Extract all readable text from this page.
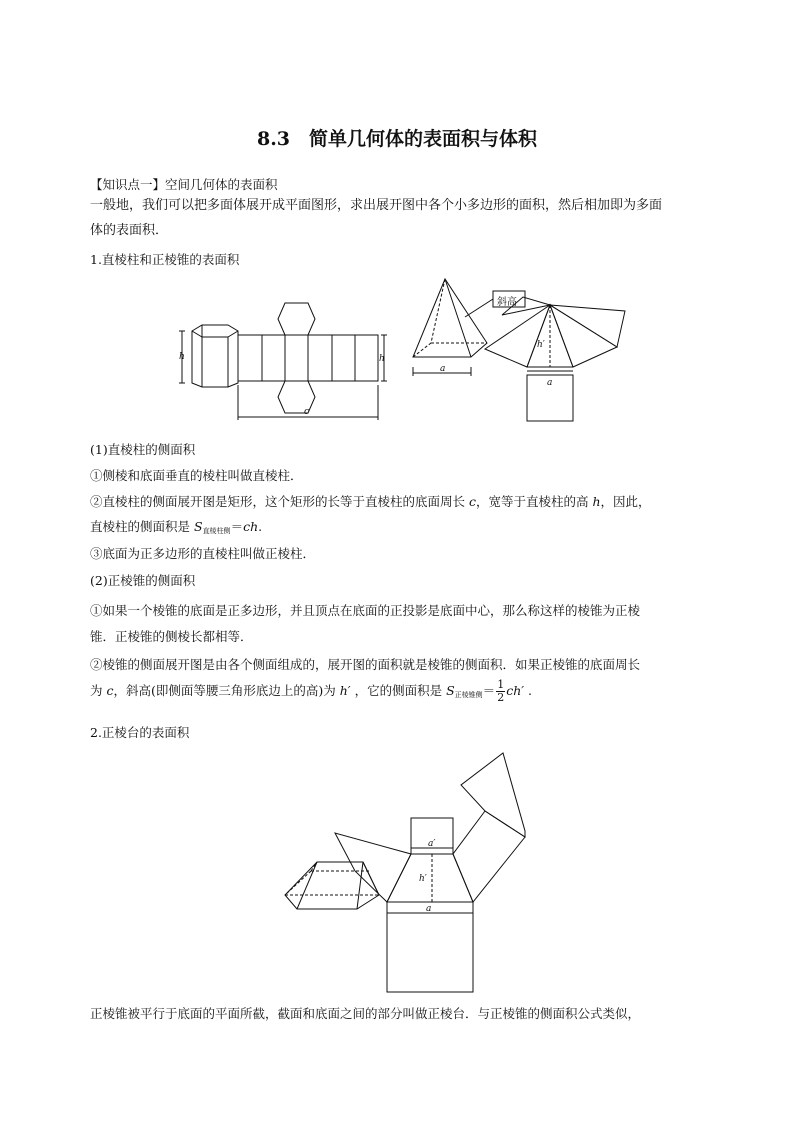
8.3　简单几何体的表面积与体积
【知识点一】空间几何体的表面积
一般地，我们可以把多面体展开成平面图形，求出展开图中各个小多边形的面积，然后相加即为多面
体的表面积．
1.直棱柱和正棱锥的表面积
h	h
c
a
h′
a
斜高
(1)直棱柱的侧面积
①侧棱和底面垂直的棱柱叫做直棱柱．
②直棱柱的侧面展开图是矩形，这个矩形的长等于直棱柱的底面周长 c，宽等于直棱柱的高 h，因此，
直棱柱的侧面积是 $S_{直棱柱侧}=ch$.
③底面为正多边形的直棱柱叫做正棱柱．
(2)正棱锥的侧面积
①如果一个棱锥的底面是正多边形，并且顶点在底面的正投影是底面中心，那么称这样的棱锥为正棱
锥．正棱锥的侧棱长都相等．
②棱锥的侧面展开图是由各个侧面组成的，展开图的面积就是棱锥的侧面积．如果正棱锥的底面周长
为 c，斜高(即侧面等腰三角形底边上的高)为 h′ ，它的侧面积是 $S_{正棱锥侧}= \frac{1}{2} ch'$ .
2.正棱台的表面积
a′
h′
a
正棱锥被平行于底面的平面所截，截面和底面之间的部分叫做正棱台．与正棱锥的侧面积公式类似，
